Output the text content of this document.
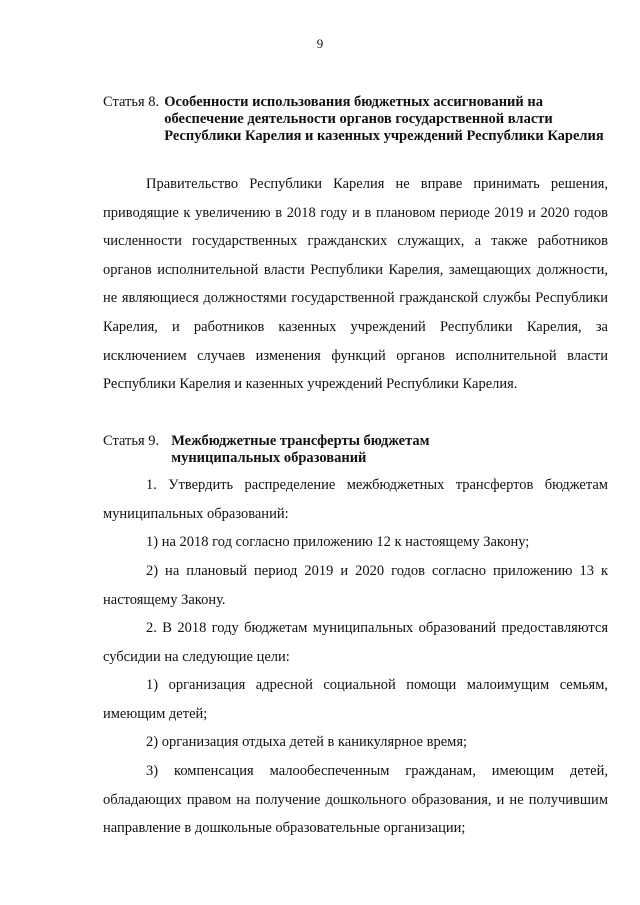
9
Статья 8. Особенности использования бюджетных ассигнований на обеспечение деятельности органов государственной власти Республики Карелия и казенных учреждений Республики Карелия

Правительство Республики Карелия не вправе принимать решения, приводящие к увеличению в 2018 году и в плановом периоде 2019 и 2020 годов численности государственных гражданских служащих, а также работников органов исполнительной власти Республики Карелия, замещающих должности, не являющиеся должностями государственной гражданской службы Республики Карелия, и работников казенных учреждений Республики Карелия, за исключением случаев изменения функций органов исполнительной власти Республики Карелия и казенных учреждений Республики Карелия.

Статья 9. Межбюджетные трансферты бюджетам муниципальных образований

1. Утвердить распределение межбюджетных трансфертов бюджетам муниципальных образований:

1) на 2018 год согласно приложению 12 к настоящему Закону;

2) на плановый период 2019 и 2020 годов согласно приложению 13 к настоящему Закону.

2. В 2018 году бюджетам муниципальных образований предоставляются субсидии на следующие цели:

1) организация адресной социальной помощи малоимущим семьям, имеющим детей;

2) организация отдыха детей в каникулярное время;

3) компенсация малообеспеченным гражданам, имеющим детей, обладающих правом на получение дошкольного образования, и не получившим направление в дошкольные образовательные организации;
